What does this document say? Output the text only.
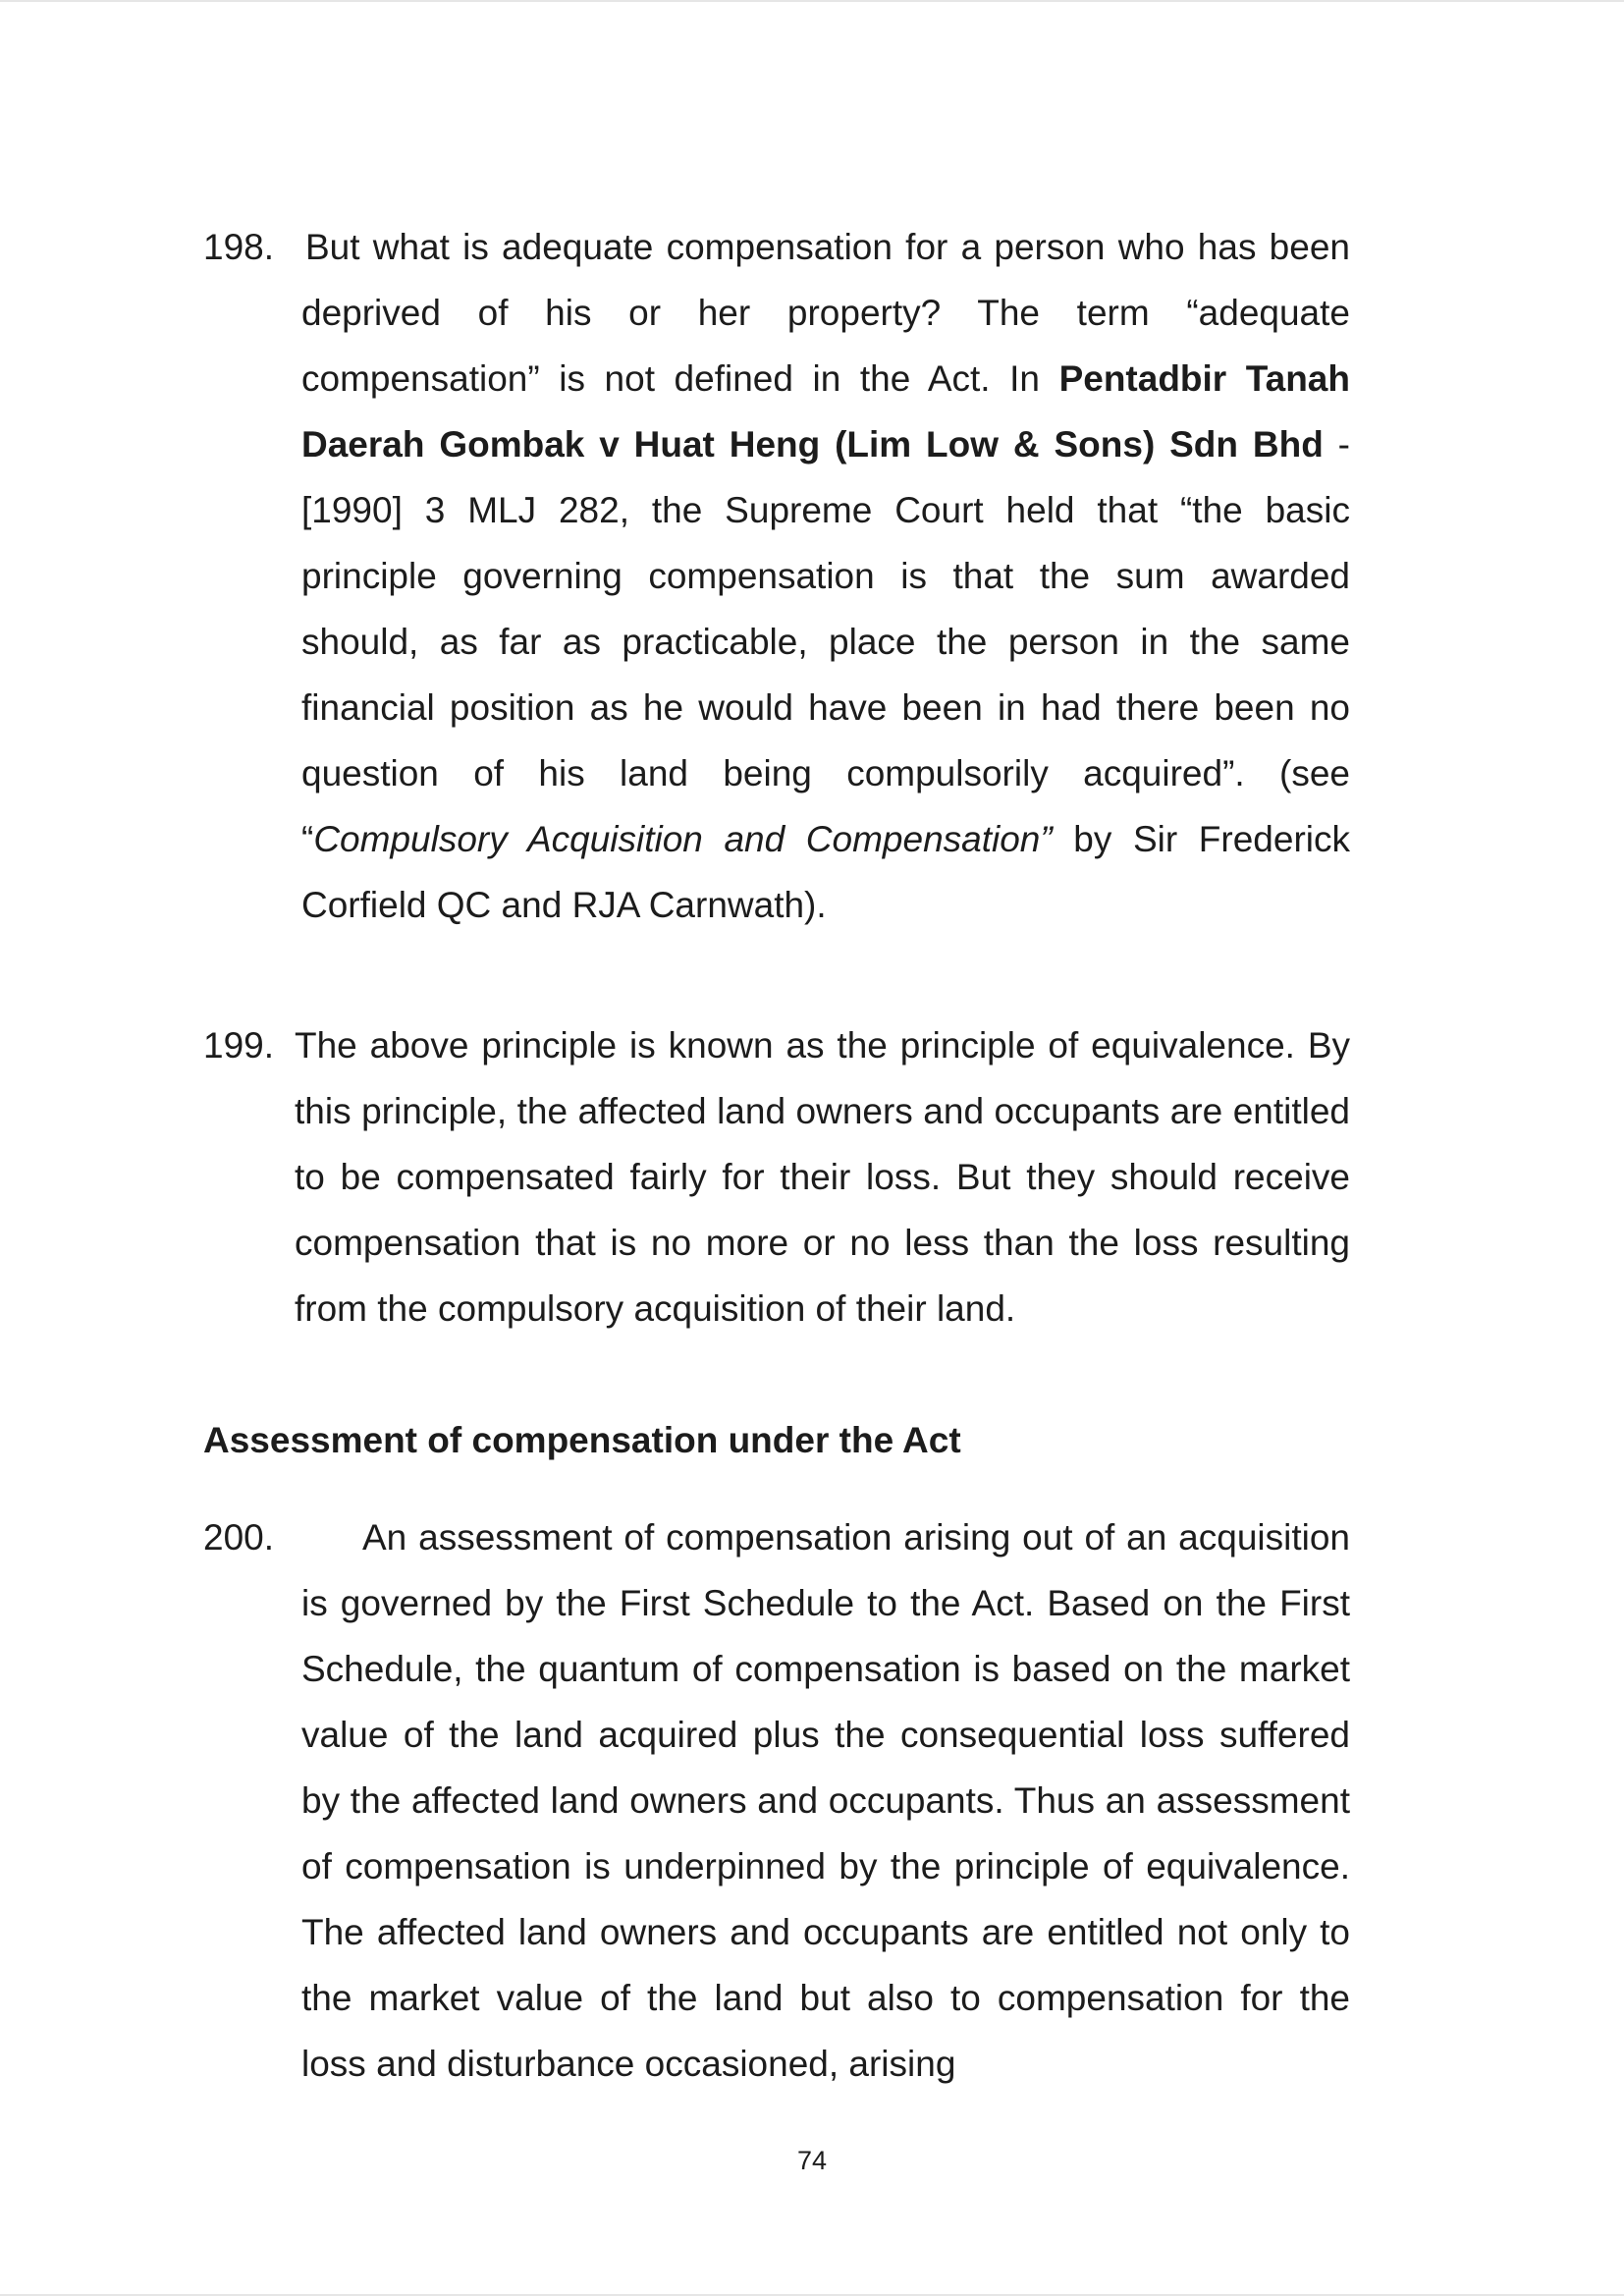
198. But what is adequate compensation for a person who has been deprived of his or her property? The term “adequate compensation” is not defined in the Act. In Pentadbir Tanah Daerah Gombak v Huat Heng (Lim Low & Sons) Sdn Bhd - [1990] 3 MLJ 282, the Supreme Court held that “the basic principle governing compensation is that the sum awarded should, as far as practicable, place the person in the same financial position as he would have been in had there been no question of his land being compulsorily acquired”. (see “Compulsory Acquisition and Compensation” by Sir Frederick Corfield QC and RJA Carnwath).

199. The above principle is known as the principle of equivalence. By this principle, the affected land owners and occupants are entitled to be compensated fairly for their loss. But they should receive compensation that is no more or no less than the loss resulting from the compulsory acquisition of their land.

Assessment of compensation under the Act
200.	An assessment of compensation arising out of an acquisition is governed by the First Schedule to the Act. Based on the First Schedule, the quantum of compensation is based on the market value of the land acquired plus the consequential loss suffered by the affected land owners and occupants. Thus an assessment of compensation is underpinned by the principle of equivalence. The affected land owners and occupants are entitled not only to the market value of the land but also to compensation for the loss and disturbance occasioned, arising

74
